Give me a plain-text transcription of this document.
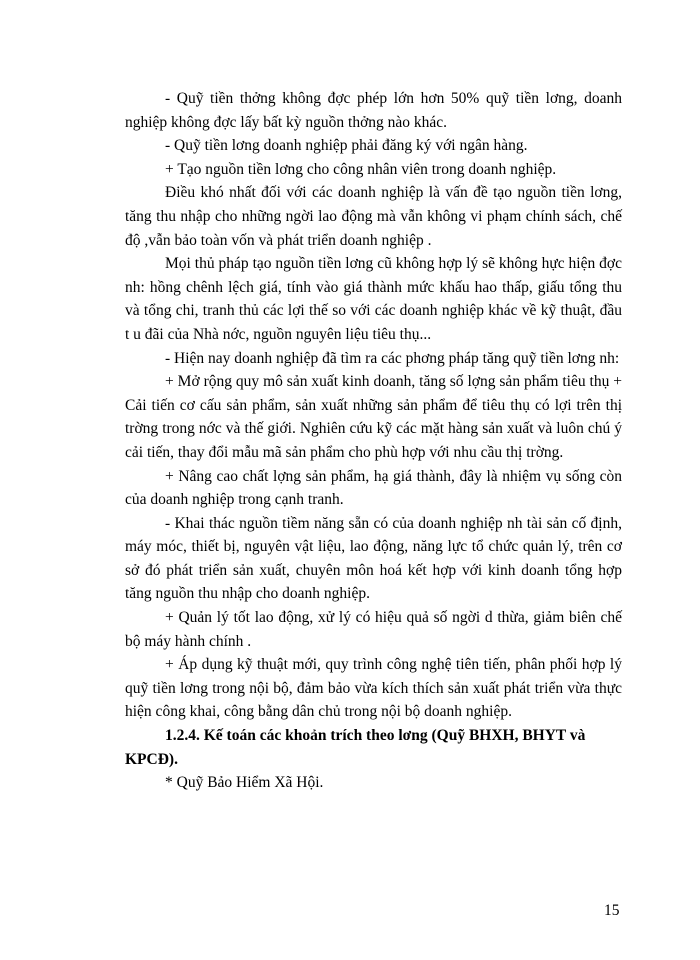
- Quỹ tiền thởng không đợc phép lớn hơn 50% quỹ tiền lơng, doanh nghiệp không đợc lấy bất kỳ nguồn thởng nào khác.

- Quỹ tiền lơng doanh nghiệp phải đăng ký với ngân hàng.

+ Tạo nguồn tiền lơng cho công nhân viên trong doanh nghiệp.

Điều khó nhất đối với các doanh nghiệp là vấn đề tạo nguồn tiền lơng, tăng thu nhập cho những ngời lao động mà vẫn không vi phạm chính sách, chế độ ,vẫn bảo toàn vốn và phát triển doanh nghiệp .

Mọi thủ pháp tạo nguồn tiền lơng cũ không hợp lý sẽ không hực hiện đợc nh: hồng chênh lệch giá, tính vào giá thành mức khấu hao thấp, giấu tổng thu và tổng chi, tranh thủ các lợi thế so với các doanh nghiệp khác về kỹ thuật, đầu t u đãi của Nhà nớc, nguồn nguyên liệu tiêu thụ...

- Hiện nay doanh nghiệp đã tìm ra các phơng pháp tăng quỹ tiền lơng nh:

+ Mở rộng quy mô sản xuất kinh doanh, tăng số lợng sản phẩm tiêu thụ + Cải tiến cơ cấu sản phẩm, sản xuất những sản phẩm để tiêu thụ có lợi trên thị trờng trong nớc và thế giới. Nghiên cứu kỹ các mặt hàng sản xuất và luôn chú ý cải tiến, thay đổi mẫu mã sản phẩm cho phù hợp với nhu cầu thị trờng.

+ Nâng cao chất lợng sản phẩm, hạ giá thành, đây là nhiệm vụ sống còn của doanh nghiệp trong cạnh tranh.

- Khai thác nguồn tiềm năng sẵn có của doanh nghiệp nh tài sản cố định, máy móc, thiết bị, nguyên vật liệu, lao động, năng lực tổ chức quản lý, trên cơ sở đó phát triển sản xuất, chuyên môn hoá kết hợp với kinh doanh tổng hợp tăng nguồn thu nhập cho doanh nghiệp.

+ Quản lý tốt lao động, xử lý có hiệu quả số ngời d thừa, giảm biên chế bộ máy hành chính .

+ Áp dụng kỹ thuật mới, quy trình công nghệ tiên tiến, phân phối hợp lý quỹ tiền lơng trong nội bộ, đảm bảo vừa kích thích sản xuất phát triển vừa thực hiện công khai, công bằng dân chủ trong nội bộ doanh nghiệp.

1.2.4. Kế toán các khoản trích theo lơng (Quỹ BHXH, BHYT và KPCĐ).

* Quỹ Bảo Hiểm Xã Hội.

15
